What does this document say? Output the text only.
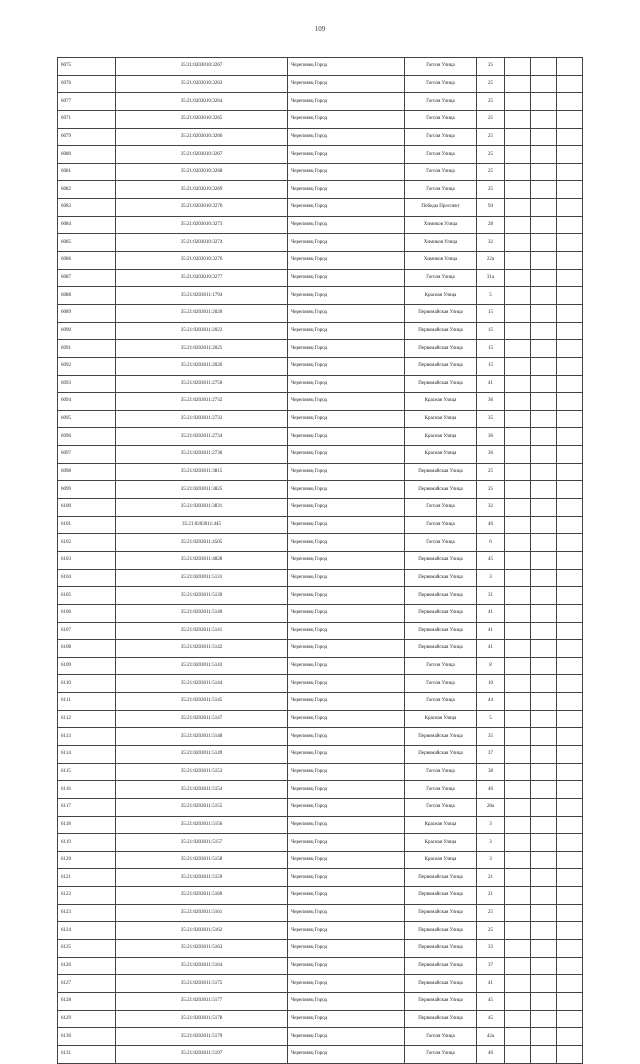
109
6075	35:21:0203010:3267	Череповец Город	Гоголя Улица	25			
6076	35:21:0203010:3263	Череповец Город	Гоголя Улица	25			
6077	35:21:0203010:3264	Череповец Город	Гоголя Улица	25			
6071	35:21:0203010:3265	Череповец Город	Гоголя Улица	25			
6079	35:21:0203010:3266	Череповец Город	Гоголя Улица	25			
6080	35:21:0203010:3267	Череповец Город	Гоголя Улица	25			
6081	35:21:0203010:3268	Череповец Город	Гоголя Улица	25			
6082	35:21:0203010:3269	Череповец Город	Гоголя Улица	25			
6083	35:21:0203010:3270	Череповец Город	Победы Проспект	94			
6084	35:21:0203010:3273	Череповец Город	Химиков Улица	28			
6085	35:21:0203010:3274	Череповец Город	Химиков Улица	32			
6086	35:21:0203010:3276	Череповец Город	Химиков Улица	22а			
6087	35:21:0203010:3277	Череповец Город	Гоголя Улица	31а			
6088	35:21:0203011:1794	Череповец Город	Красная Улица	5			
6089	35:21:0203011:2020	Череповец Город	Первомайская Улица	15			
6090	35:21:0203011:2023	Череповец Город	Первомайская Улица	15			
6091	35:21:0203011:2025	Череповец Город	Первомайская Улица	15			
6092	35:21:0203011:2026	Череповец Город	Первомайская Улица	15			
6093	35:21:0203011:2750	Череповец Город	Первомайская Улица	41			
6094	35:21:0203011:2732	Череповец Город	Красная Улица	36			
6095	35:21:0203011:2733	Череповец Город	Красная Улица	35			
6096	35:21:0203011:2734	Череповец Город	Красная Улица	36			
6097	35:21:0203011:2736	Череповец Город	Красная Улица	36			
6098	35:21:0203011:3815	Череповец Город	Первомайская Улица	25			
6099	35:21:0203011:3825	Череповец Город	Первомайская Улица	25			
6100	35:21:0203011:3831	Череповец Город	Гоголя Улица	32			
6101	35:21:0203011:445	Череповец Город	Гоголя Улица	46			
6102	35:21:0203011:4505	Череповец Город	Гоголя Улица	6			
6103	35:21:0203011:4828	Череповец Город	Первомайская Улица	45			
6104	35:21:0203011:5131	Череповец Город	Первомайская Улица	3			
6105	35:21:0203011:5139	Череповец Город	Первомайская Улица	31			
6106	35:21:0203011:5140	Череповец Город	Первомайская Улица	41			
6107	35:21:0203011:5141	Череповец Город	Первомайская Улица	41			
6108	35:21:0203011:5142	Череповец Город	Первомайская Улица	41			
6109	35:21:0203011:5143	Череповец Город	Гоголя Улица	8			
6110	35:21:0203011:5144	Череповец Город	Гоголя Улица	10			
6111	35:21:0203011:5145	Череповец Город	Гоголя Улица	44			
6112	35:21:0203011:5147	Череповец Город	Красная Улица	5			
6113	35:21:0203011:5148	Череповец Город	Первомайская Улица	35			
6114	35:21:0203011:5149	Череповец Город	Первомайская Улица	37			
6115	35:21:0203011:5153	Череповец Город	Гоголя Улица	38			
6116	35:21:0203011:5154	Череповец Город	Гоголя Улица	46			
6117	35:21:0203011:5155	Череповец Город	Гоголя Улица	28а			
6118	35:21:0203011:5156	Череповец Город	Красная Улица	3			
6119	35:21:0203011:5157	Череповец Город	Красная Улица	3			
6120	35:21:0203011:5158	Череповец Город	Красная Улица	3			
6121	35:21:0203011:5159	Череповец Город	Первомайская Улица	21			
6122	35:21:0203011:5160	Череповец Город	Первомайская Улица	21			
6123	35:21:0203011:5161	Череповец Город	Первомайская Улица	25			
6124	35:21:0203011:5162	Череповец Город	Первомайская Улица	25			
6125	35:21:0203011:5163	Череповец Город	Первомайская Улица	33			
6126	35:21:0203011:5164	Череповец Город	Первомайская Улица	37			
6127	35:21:0203011:5175	Череповец Город	Первомайская Улица	41			
6128	35:21:0203011:5177	Череповец Город	Первомайская Улица	45			
6129	35:21:0203011:5178	Череповец Город	Первомайская Улица	45			
6130	35:21:0203011:5179	Череповец Город	Гоголя Улица	42а			
6131	35:21:0203011:5197	Череповец Город	Гоголя Улица	46			
